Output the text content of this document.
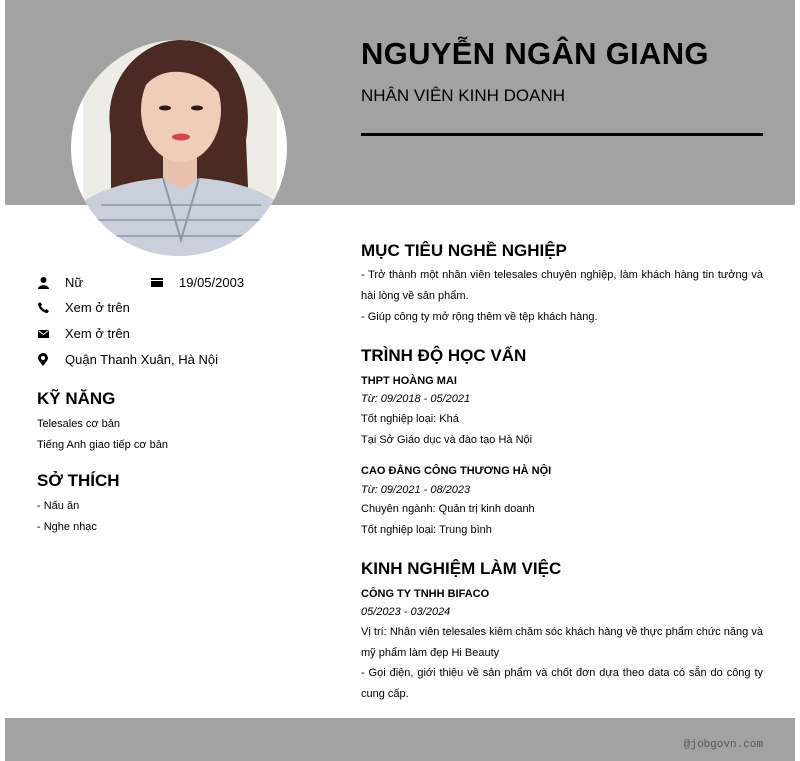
NGUYỄN NGÂN GIANG
NHÂN VIÊN KINH DOANH
Nữ	19/05/2003
Xem ở trên
Xem ở trên
Quận Thanh Xuân, Hà Nội
KỸ NĂNG
Telesales cơ bản
Tiếng Anh giao tiếp cơ bản
SỞ THÍCH
- Nấu ăn
- Nghe nhạc
MỤC TIÊU NGHỀ NGHIỆP
- Trở thành một nhân viên telesales chuyên nghiệp, làm khách hàng tin tưởng và hài lòng về sản phẩm.
- Giúp công ty mở rộng thêm về tệp khách hàng.
TRÌNH ĐỘ HỌC VẤN
THPT HOÀNG MAI
Từ: 09/2018 - 05/2021
Tốt nghiệp loại: Khá
Tại Sở Giáo dục và đào tạo Hà Nội
CAO ĐẲNG CÔNG THƯƠNG HÀ NỘI
Từ: 09/2021 - 08/2023
Chuyên ngành: Quản trị kinh doanh
Tốt nghiệp loại: Trung bình
KINH NGHIỆM LÀM VIỆC
CÔNG TY TNHH BIFACO
05/2023 - 03/2024
Vị trí: Nhân viên telesales kiêm chăm sóc khách hàng về thực phẩm chức năng và mỹ phẩm làm đẹp Hi Beauty
- Gọi điện, giới thiệu về sản phẩm và chốt đơn dựa theo data có sẵn do công ty cung cấp.
@jobgovn.com
